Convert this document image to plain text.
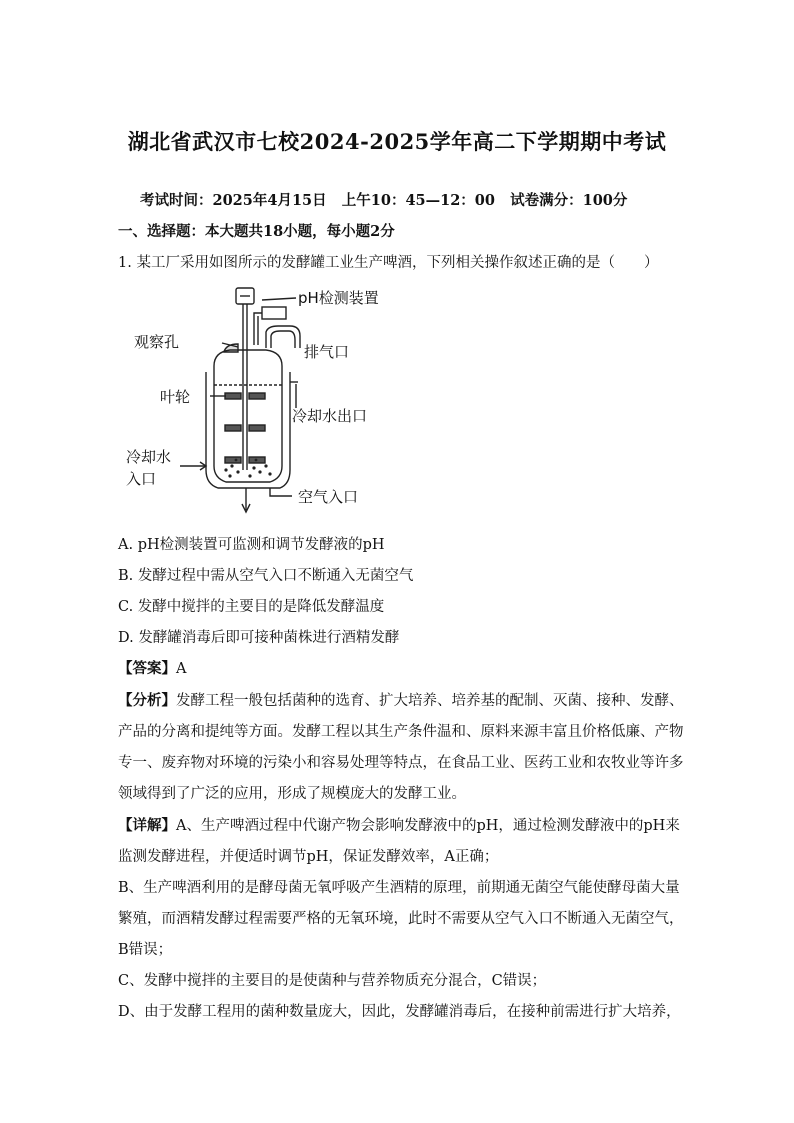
湖北省武汉市七校2024-2025学年高二下学期期中考试
考试时间：2025年4月15日   上午10：45—12：00   试卷满分：100分
一、选择题：本大题共18小题，每小题2分
1. 某工厂采用如图所示的发酵罐工业生产啤酒，下列相关操作叙述正确的是（　　）
pH检测装置
观察孔
排气口
叶轮
冷却水出口
冷却水
入口
空气入口
A. pH检测装置可监测和调节发酵液的pH
B. 发酵过程中需从空气入口不断通入无菌空气
C. 发酵中搅拌的主要目的是降低发酵温度
D. 发酵罐消毒后即可接种菌株进行酒精发酵
【答案】A
【分析】发酵工程一般包括菌种的选育、扩大培养、培养基的配制、灭菌、接种、发酵、
产品的分离和提纯等方面。发酵工程以其生产条件温和、原料来源丰富且价格低廉、产物
专一、废弃物对环境的污染小和容易处理等特点，在食品工业、医药工业和农牧业等许多
领域得到了广泛的应用，形成了规模庞大的发酵工业。
【详解】A、生产啤酒过程中代谢产物会影响发酵液中的pH，通过检测发酵液中的pH来
监测发酵进程，并便适时调节pH，保证发酵效率，A正确；
B、生产啤酒利用的是酵母菌无氧呼吸产生酒精的原理，前期通无菌空气能使酵母菌大量
繁殖，而酒精发酵过程需要严格的无氧环境，此时不需要从空气入口不断通入无菌空气，
B错误；
C、发酵中搅拌的主要目的是使菌种与营养物质充分混合，C错误；
D、由于发酵工程用的菌种数量庞大，因此，发酵罐消毒后，在接种前需进行扩大培养，
